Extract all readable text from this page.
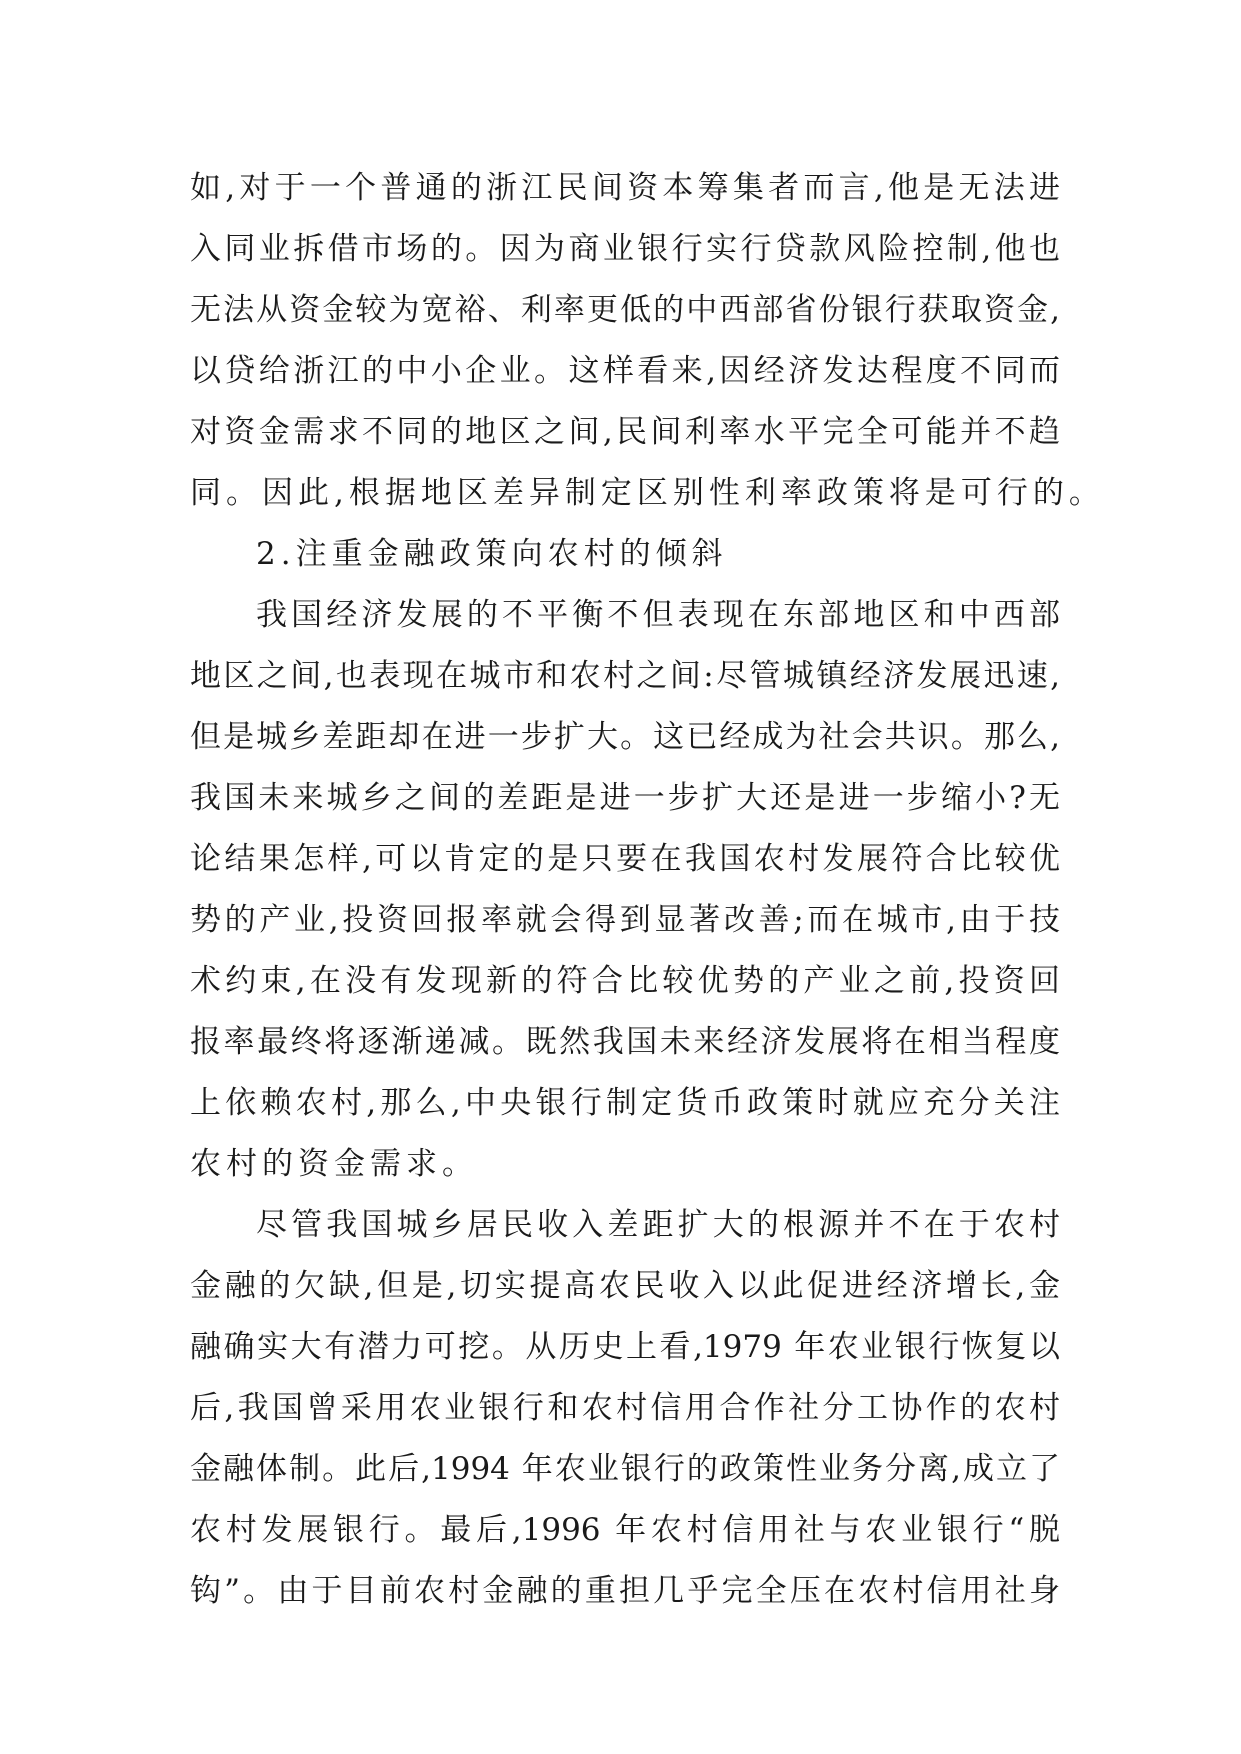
如,对于一个普通的浙江民间资本筹集者而言,他是无法进
入同业拆借市场的。因为商业银行实行贷款风险控制,他也
无法从资金较为宽裕、利率更低的中西部省份银行获取资金,
以贷给浙江的中小企业。这样看来,因经济发达程度不同而
对资金需求不同的地区之间,民间利率水平完全可能并不趋
同。因此,根据地区差异制定区别性利率政策将是可行的。
2.注重金融政策向农村的倾斜
我国经济发展的不平衡不但表现在东部地区和中西部
地区之间,也表现在城市和农村之间:尽管城镇经济发展迅速,
但是城乡差距却在进一步扩大。这已经成为社会共识。那么,
我国未来城乡之间的差距是进一步扩大还是进一步缩小?无
论结果怎样,可以肯定的是只要在我国农村发展符合比较优
势的产业,投资回报率就会得到显著改善;而在城市,由于技
术约束,在没有发现新的符合比较优势的产业之前,投资回
报率最终将逐渐递减。既然我国未来经济发展将在相当程度
上依赖农村,那么,中央银行制定货币政策时就应充分关注
农村的资金需求。
尽管我国城乡居民收入差距扩大的根源并不在于农村
金融的欠缺,但是,切实提高农民收入以此促进经济增长,金
融确实大有潜力可挖。从历史上看,1979 年农业银行恢复以
后,我国曾采用农业银行和农村信用合作社分工协作的农村
金融体制。此后,1994 年农业银行的政策性业务分离,成立了
农村发展银行。最后,1996 年农村信用社与农业银行“脱
钩”。由于目前农村金融的重担几乎完全压在农村信用社身
